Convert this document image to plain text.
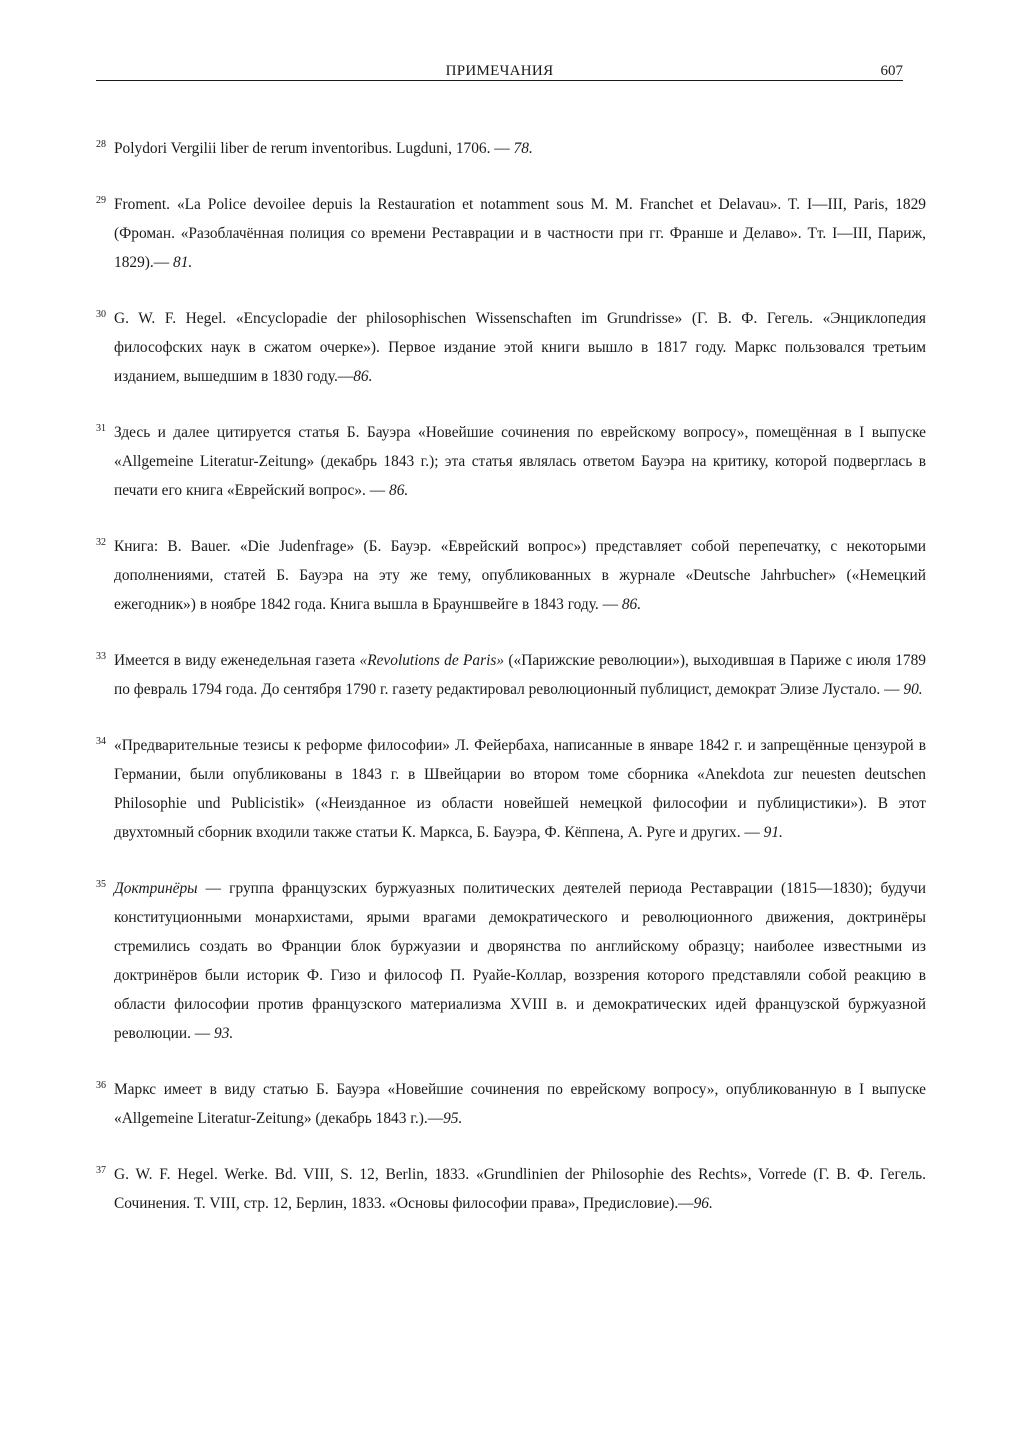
ПРИМЕЧАНИЯ	607
28 Polydori Vergilii liber de rerum inventoribus. Lugduni, 1706. — 78.
29 Froment. «La Police devoilee depuis la Restauration et notamment sous M. M. Franchet et Delavau». T. I—III, Paris, 1829 (Фроман. «Разоблачённая полиция со времени Реставрации и в частности при гг. Франше и Делаво». Тт. I—III, Париж, 1829).— 81.
30 G. W. F. Hegel. «Encyclopadie der philosophischen Wissenschaften im Grundrisse» (Г. В. Ф. Гегель. «Энциклопедия философских наук в сжатом очерке»). Первое издание этой книги вышло в 1817 году. Маркс пользовался третьим изданием, вышедшим в 1830 году.—86.
31 Здесь и далее цитируется статья Б. Бауэра «Новейшие сочинения по еврейскому вопросу», помещённая в I выпуске «Allgemeine Literatur-Zeitung» (декабрь 1843 г.); эта статья являлась ответом Бауэра на критику, которой подверглась в печати его книга «Еврейский вопрос». — 86.
32 Книга: В. Bauer. «Die Judenfrage» (Б. Бауэр. «Еврейский вопрос») представляет собой перепечатку, с некоторыми дополнениями, статей Б. Бауэра на эту же тему, опубликованных в журнале «Deutsche Jahrbucher» («Немецкий ежегодник») в ноябре 1842 года. Книга вышла в Брауншвейге в 1843 году. — 86.
33 Имеется в виду еженедельная газета «Revolutions de Paris» («Парижские революции»), выходившая в Париже с июля 1789 по февраль 1794 года. До сентября 1790 г. газету редактировал революционный публицист, демократ Элизе Лустало. — 90.
34 «Предварительные тезисы к реформе философии» Л. Фейербаха, написанные в январе 1842 г. и запрещённые цензурой в Германии, были опубликованы в 1843 г. в Швейцарии во втором томе сборника «Anekdota zur neuesten deutschen Philosophie und Publicistik» («Неизданное из области новейшей немецкой философии и публицистики»). В этот двухтомный сборник входили также статьи К. Маркса, Б. Бауэра, Ф. Кёппена, А. Руге и других. — 91.
35 Доктринёры — группа французских буржуазных политических деятелей периода Реставрации (1815—1830); будучи конституционными монархистами, ярыми врагами демократического и революционного движения, доктринёры стремились создать во Франции блок буржуазии и дворянства по английскому образцу; наиболее известными из доктринёров были историк Ф. Гизо и философ П. Руайе-Коллар, воззрения которого представляли собой реакцию в области философии против французского материализма XVIII в. и демократических идей французской буржуазной революции. — 93.
36 Маркс имеет в виду статью Б. Бауэра «Новейшие сочинения по еврейскому вопросу», опубликованную в I выпуске «Allgemeine Literatur-Zeitung» (декабрь 1843 г.).—95.
37 G. W. F. Hegel. Werke. Bd. VIII, S. 12, Berlin, 1833. «Grundlinien der Philosophie des Rechts», Vorrede (Г. В. Ф. Гегель. Сочинения. Т. VIII, стр. 12, Берлин, 1833. «Основы философии права», Предисловие).—96.
